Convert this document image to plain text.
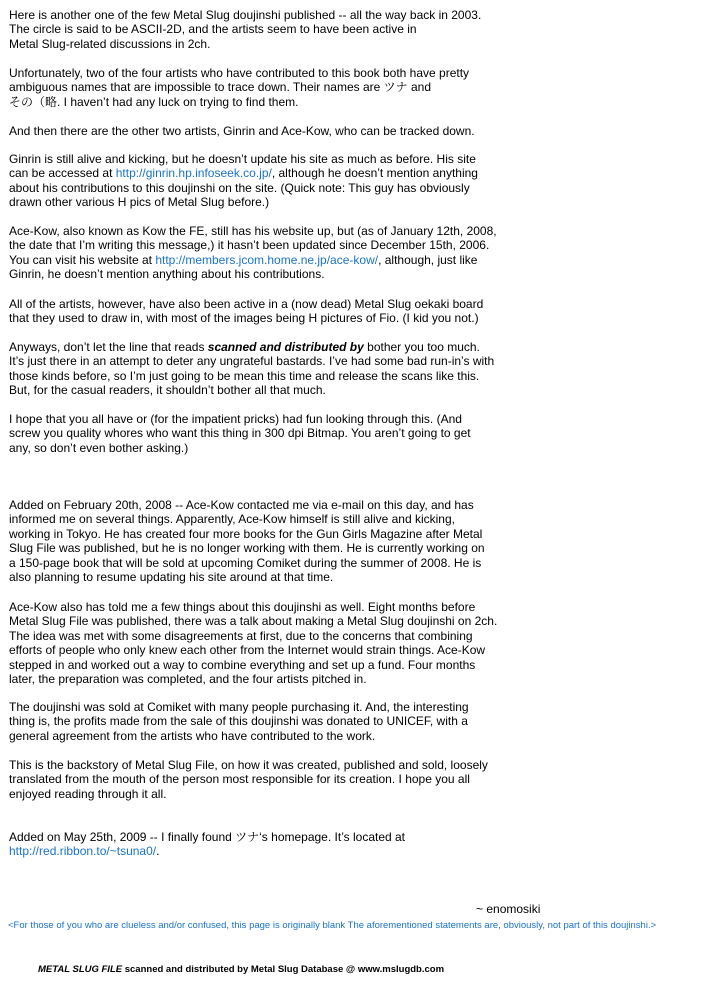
Here is another one of the few Metal Slug doujinshi published -- all the way back in 2003.
The circle is said to be ASCII-2D, and the artists seem to have been active in
Metal Slug-related discussions in 2ch.

Unfortunately, two of the four artists who have contributed to this book both have pretty
ambiguous names that are impossible to trace down. Their names are ツナ and
その（略. I haven’t had any luck on trying to find them.

And then there are the other two artists, Ginrin and Ace-Kow, who can be tracked down.

Ginrin is still alive and kicking, but he doesn’t update his site as much as before. His site
can be accessed at http://ginrin.hp.infoseek.co.jp/, although he doesn’t mention anything
about his contributions to this doujinshi on the site. (Quick note: This guy has obviously
drawn other various H pics of Metal Slug before.)

Ace-Kow, also known as Kow the FE, still has his website up, but (as of January 12th, 2008,
the date that I’m writing this message,) it hasn’t been updated since December 15th, 2006.
You can visit his website at http://members.jcom.home.ne.jp/ace-kow/, although, just like
Ginrin, he doesn’t mention anything about his contributions.

All of the artists, however, have also been active in a (now dead) Metal Slug oekaki board
that they used to draw in, with most of the images being H pictures of Fio. (I kid you not.)

Anyways, don’t let the line that reads scanned and distributed by bother you too much.
It’s just there in an attempt to deter any ungrateful bastards. I’ve had some bad run-in’s with
those kinds before, so I’m just going to be mean this time and release the scans like this.
But, for the casual readers, it shouldn’t bother all that much.

I hope that you all have or (for the impatient pricks) had fun looking through this. (And
screw you quality whores who want this thing in 300 dpi Bitmap. You aren’t going to get
any, so don’t even bother asking.)

Added on February 20th, 2008 -- Ace-Kow contacted me via e-mail on this day, and has
informed me on several things. Apparently, Ace-Kow himself is still alive and kicking,
working in Tokyo. He has created four more books for the Gun Girls Magazine after Metal
Slug File was published, but he is no longer working with them. He is currently working on
a 150-page book that will be sold at upcoming Comiket during the summer of 2008. He is
also planning to resume updating his site around at that time.

Ace-Kow also has told me a few things about this doujinshi as well. Eight months before
Metal Slug File was published, there was a talk about making a Metal Slug doujinshi on 2ch.
The idea was met with some disagreements at first, due to the concerns that combining
efforts of people who only knew each other from the Internet would strain things. Ace-Kow
stepped in and worked out a way to combine everything and set up a fund. Four months
later, the preparation was completed, and the four artists pitched in.

The doujinshi was sold at Comiket with many people purchasing it. And, the interesting
thing is, the profits made from the sale of this doujinshi was donated to UNICEF, with a
general agreement from the artists who have contributed to the work.

This is the backstory of Metal Slug File, on how it was created, published and sold, loosely
translated from the mouth of the person most responsible for its creation. I hope you all
enjoyed reading through it all.

Added on May 25th, 2009 -- I finally found ツナ‘s homepage. It’s located at
http://red.ribbon.to/~tsuna0/.

~ enomosiki
<For those of you who are clueless and/or confused, this page is originally blank The aforementioned statements are, obviously, not part of this doujinshi.>
METAL SLUG FILE scanned and distributed by Metal Slug Database @ www.mslugdb.com
